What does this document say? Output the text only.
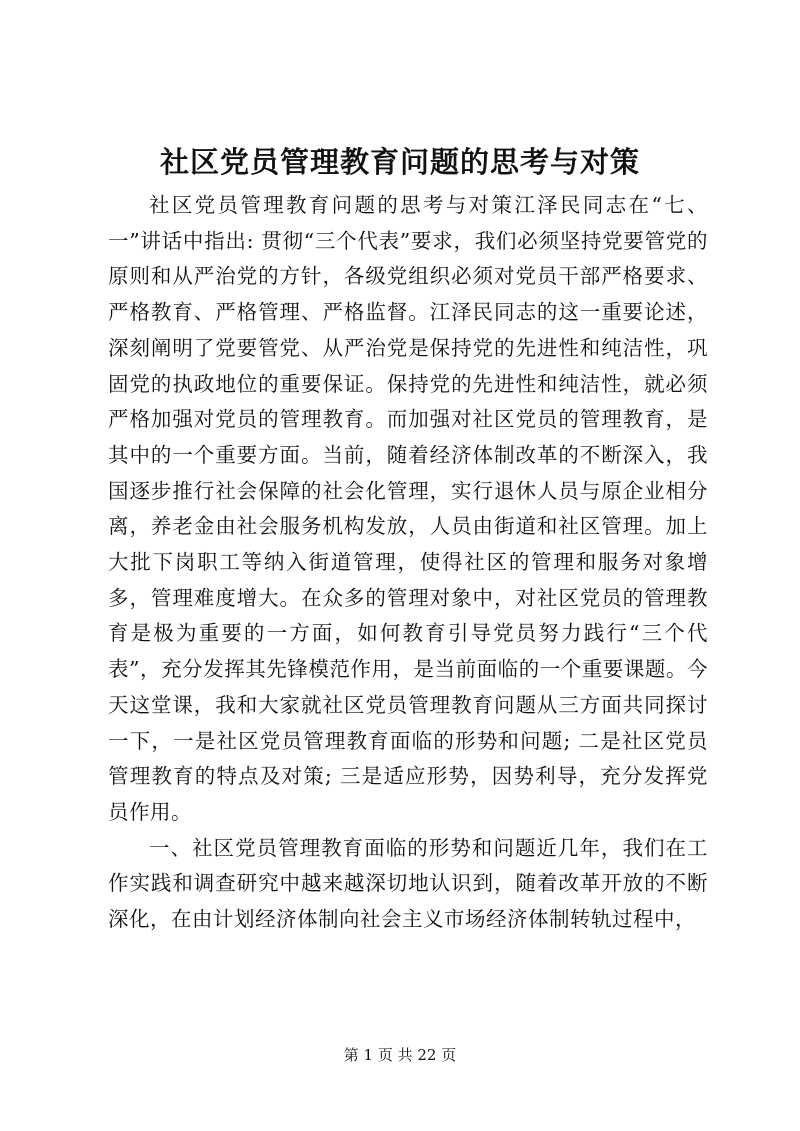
社区党员管理教育问题的思考与对策

社区党员管理教育问题的思考与对策江泽民同志在“七、一”讲话中指出: 贯彻“三个代表”要求，我们必须坚持党要管党的原则和从严治党的方针，各级党组织必须对党员干部严格要求、严格教育、严格管理、严格监督。江泽民同志的这一重要论述，深刻阐明了党要管党、从严治党是保持党的先进性和纯洁性，巩固党的执政地位的重要保证。保持党的先进性和纯洁性，就必须严格加强对党员的管理教育。而加强对社区党员的管理教育，是其中的一个重要方面。当前，随着经济体制改革的不断深入，我国逐步推行社会保障的社会化管理，实行退休人员与原企业相分离，养老金由社会服务机构发放，人员由街道和社区管理。加上大批下岗职工等纳入街道管理，使得社区的管理和服务对象增多，管理难度增大。在众多的管理对象中，对社区党员的管理教育是极为重要的一方面，如何教育引导党员努力践行“三个代表”，充分发挥其先锋模范作用，是当前面临的一个重要课题。今天这堂课，我和大家就社区党员管理教育问题从三方面共同探讨一下，一是社区党员管理教育面临的形势和问题; 二是社区党员管理教育的特点及对策; 三是适应形势，因势利导，充分发挥党员作用。

一、社区党员管理教育面临的形势和问题近几年，我们在工作实践和调查研究中越来越深切地认识到，随着改革开放的不断深化，在由计划经济体制向社会主义市场经济体制转轨过程中，

第 1 页 共 22 页
